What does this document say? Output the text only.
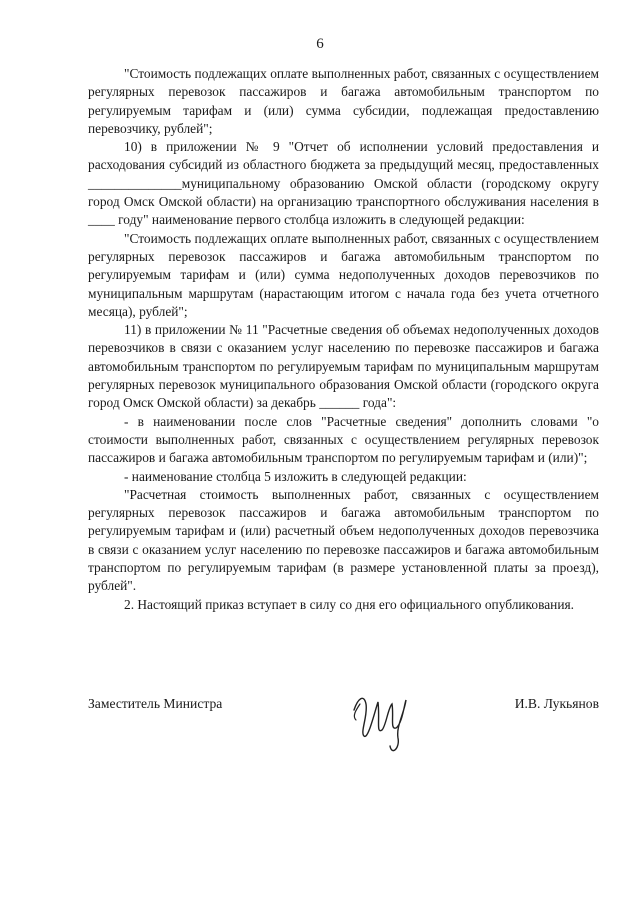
6

"Стоимость подлежащих оплате выполненных работ, связанных с осуществлением регулярных перевозок пассажиров и багажа автомобильным транспортом по регулируемым тарифам и (или) сумма субсидии, подлежащая предоставлению перевозчику, рублей";

10) в приложении № 9 "Отчет об исполнении условий предоставления и расходования субсидий из областного бюджета за предыдущий месяц, предоставленных ______________муниципальному образованию Омской области (городскому округу город Омск Омской области) на организацию транспортного обслуживания населения в ____ году" наименование первого столбца изложить в следующей редакции:

"Стоимость подлежащих оплате выполненных работ, связанных с осуществлением регулярных перевозок пассажиров и багажа автомобильным транспортом по регулируемым тарифам и (или) сумма недополученных доходов перевозчиков по муниципальным маршрутам (нарастающим итогом с начала года без учета отчетного месяца), рублей";

11) в приложении № 11 "Расчетные сведения об объемах недополученных доходов перевозчиков в связи с оказанием услуг населению по перевозке пассажиров и багажа автомобильным транспортом по регулируемым тарифам по муниципальным маршрутам регулярных перевозок муниципального образования Омской области (городского округа город Омск Омской области) за декабрь ______ года":

- в наименовании после слов "Расчетные сведения" дополнить словами "о стоимости выполненных работ, связанных с осуществлением регулярных перевозок пассажиров и багажа автомобильным транспортом по регулируемым тарифам и (или)";

- наименование столбца 5 изложить в следующей редакции:

"Расчетная стоимость выполненных работ, связанных с осуществлением регулярных перевозок пассажиров и багажа автомобильным транспортом по регулируемым тарифам и (или) расчетный объем недополученных доходов перевозчика в связи с оказанием услуг населению по перевозке пассажиров и багажа автомобильным транспортом по регулируемым тарифам (в размере установленной платы за проезд), рублей".

2. Настоящий приказ вступает в силу со дня его официального опубликования.

Заместитель Министра	И.В. Лукьянов
